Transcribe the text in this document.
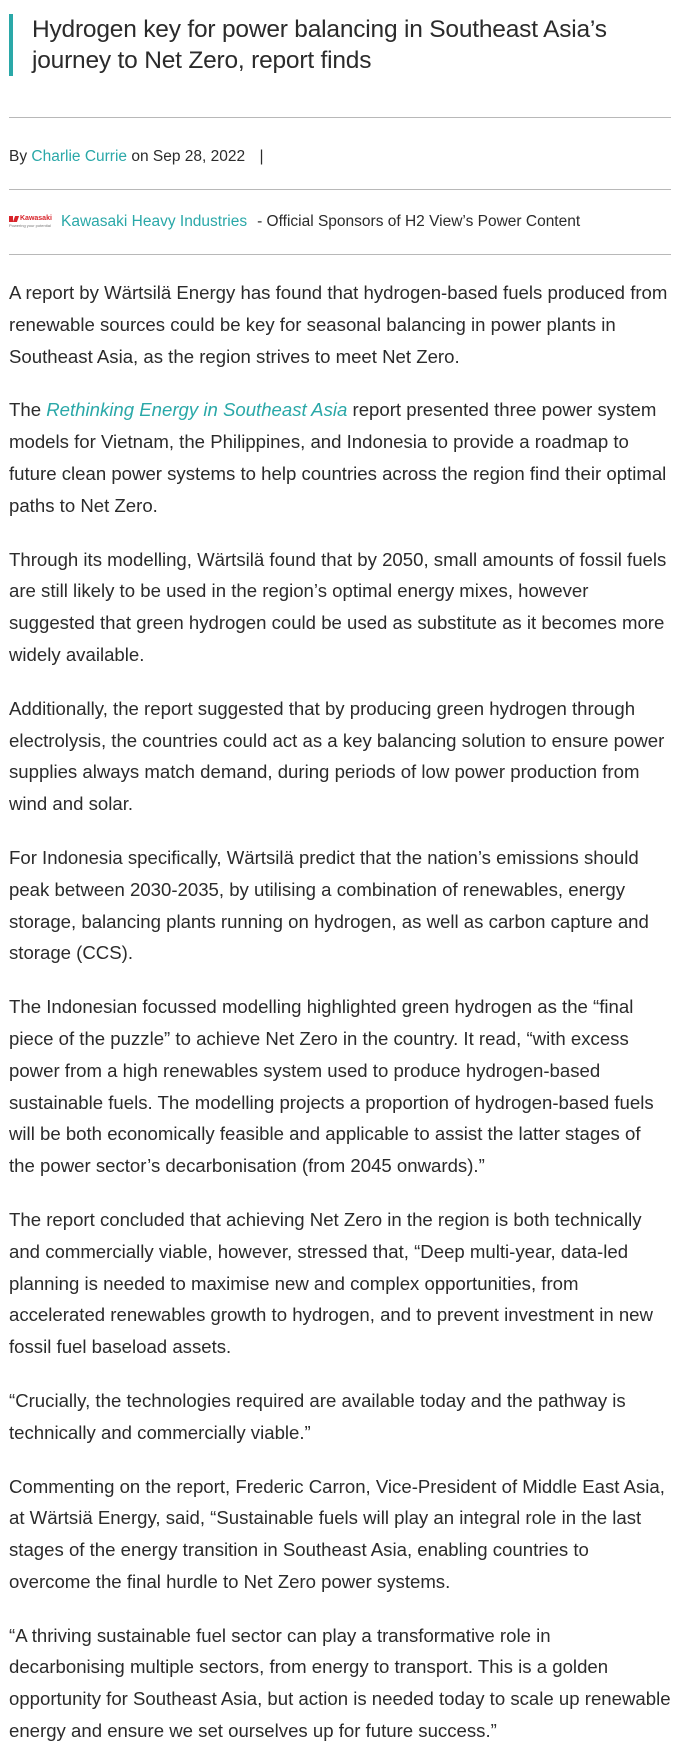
Hydrogen key for power balancing in Southeast Asia’s journey to Net Zero, report finds
By Charlie Currie on Sep 28, 2022 |
Kawasaki
Powering your potential Kawasaki Heavy Industries - Official Sponsors of H2 View’s Power Content

A report by Wärtsilä Energy has found that hydrogen-based fuels produced from renewable sources could be key for seasonal balancing in power plants in Southeast Asia, as the region strives to meet Net Zero.

The Rethinking Energy in Southeast Asia report presented three power system models for Vietnam, the Philippines, and Indonesia to provide a roadmap to future clean power systems to help countries across the region find their optimal paths to Net Zero.

Through its modelling, Wärtsilä found that by 2050, small amounts of fossil fuels are still likely to be used in the region’s optimal energy mixes, however suggested that green hydrogen could be used as substitute as it becomes more widely available.

Additionally, the report suggested that by producing green hydrogen through electrolysis, the countries could act as a key balancing solution to ensure power supplies always match demand, during periods of low power production from wind and solar.

For Indonesia specifically, Wärtsilä predict that the nation’s emissions should peak between 2030-2035, by utilising a combination of renewables, energy storage, balancing plants running on hydrogen, as well as carbon capture and storage (CCS).

The Indonesian focussed modelling highlighted green hydrogen as the “final piece of the puzzle” to achieve Net Zero in the country. It read, “with excess power from a high renewables system used to produce hydrogen-based sustainable fuels. The modelling projects a proportion of hydrogen-based fuels will be both economically feasible and applicable to assist the latter stages of the power sector’s decarbonisation (from 2045 onwards).”

The report concluded that achieving Net Zero in the region is both technically and commercially viable, however, stressed that, “Deep multi-year, data-led planning is needed to maximise new and complex opportunities, from accelerated renewables growth to hydrogen, and to prevent investment in new fossil fuel baseload assets.

“Crucially, the technologies required are available today and the pathway is technically and commercially viable.”

Commenting on the report, Frederic Carron, Vice-President of Middle East Asia, at Wärtsiä Energy, said, “Sustainable fuels will play an integral role in the last stages of the energy transition in Southeast Asia, enabling countries to overcome the final hurdle to Net Zero power systems.

“A thriving sustainable fuel sector can play a transformative role in decarbonising multiple sectors, from energy to transport. This is a golden opportunity for Southeast Asia, but action is needed today to scale up renewable energy and ensure we set ourselves up for future success.”
